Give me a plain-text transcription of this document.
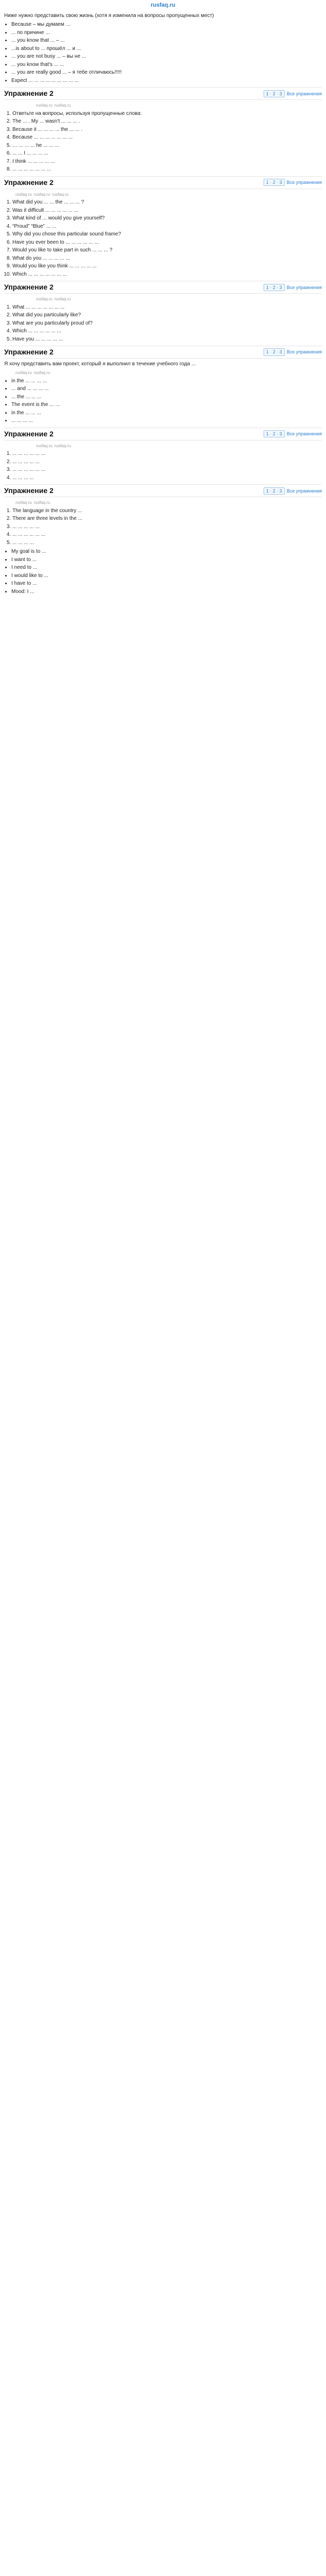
rusfaq.ru

Ниже нужно представить свою жизнь (хотя я изменила на вопросы пропущенных мест)

• Because – мы думаем …
• ... по причине ...
• ... you know that ... – ...
• ...is about to ... прошёл ... и ...
• ... you are not busy ... – вы не ...
• ... you know that's ... ...
• ... you are really good ... – я тебе отличаюсь!!!!!
• Expect ... ... ... ... ... ... ... ... ...
Упражнение 2	1 · 2 · 3	Все упражнения
rusfaq.ru rusfaq.ru
1. Ответьте на вопросы, используя пропущенные слова:
2. The ... . My ... wasn't ... ... ... .
3. Because it ... ... ... ... the ... ... .
4. Because ... ... ... ... ... ... ...
5. … ... ... ... he ... ... ...
6. ... ... I ... ... ... ...
7. I think ... ... ... ... ...
8. ... ... ... ... ... ... ...
Упражнение 2	1 · 2 · 3	Все упражнения
rusfaq.ru rusfaq.ru rusfaq.ru
1. What did you ... ... the ... ... ... ?
2. Was it difficult ... ... ... ... ... ...
3. What kind of ... would you give yourself?
4. “Proud” “Blue” ... ...
5. Why did you chose this particular sound frame?
6. Have you ever been to ... ... ... ... ... ...
7. Would you like to take part in such ... ... ... ?
8. What do you ... ... ... ... ...
9. Would you like you think ... ... ... ... ...
10. Which ... ... ... ... ... ... ...
Упражнение 2	1 · 2 · 3	Все упражнения
rusfaq.ru rusfaq.ru
1. What ... ... ... ... ... ... ...
2. What did you particularly like?
3. What are you particularly proud of?
4. Which ... ... ... ... ... ...
5. Have you ... ... ... ... ...
Упражнение 2	1 · 2 · 3	Все упражнения

Я хочу представить вам проект, который я выполнил в течение учебного года ...

rusfaq.ru rusfaq.ru
• in the ... ... ... ...
• ... and ... ... ... ...
• ... the ... ... ...
• The event is the ... ...
• in the ... ... ...
• ... ... ... ...
Упражнение 2	1 · 2 · 3	Все упражнения
rusfaq.ru rusfaq.ru
1. ... ... ... ... ... ...
2. ... ... ... ... ...
3. ... ... ... ... ... ...
4. ... ... ... ...
Упражнение 2	1 · 2 · 3	Все упражнения
rusfaq.ru rusfaq.ru
1. The language in the country ...
2. There are three levels in the ...
3. ... ... ... ... ...
4. ... ... ... ... ... ...
5. ... ... ... ...
• My goal is to ...
• I want to ...
• I need to ...
• I would like to ...
• I have to ...
• Mood: I ...
